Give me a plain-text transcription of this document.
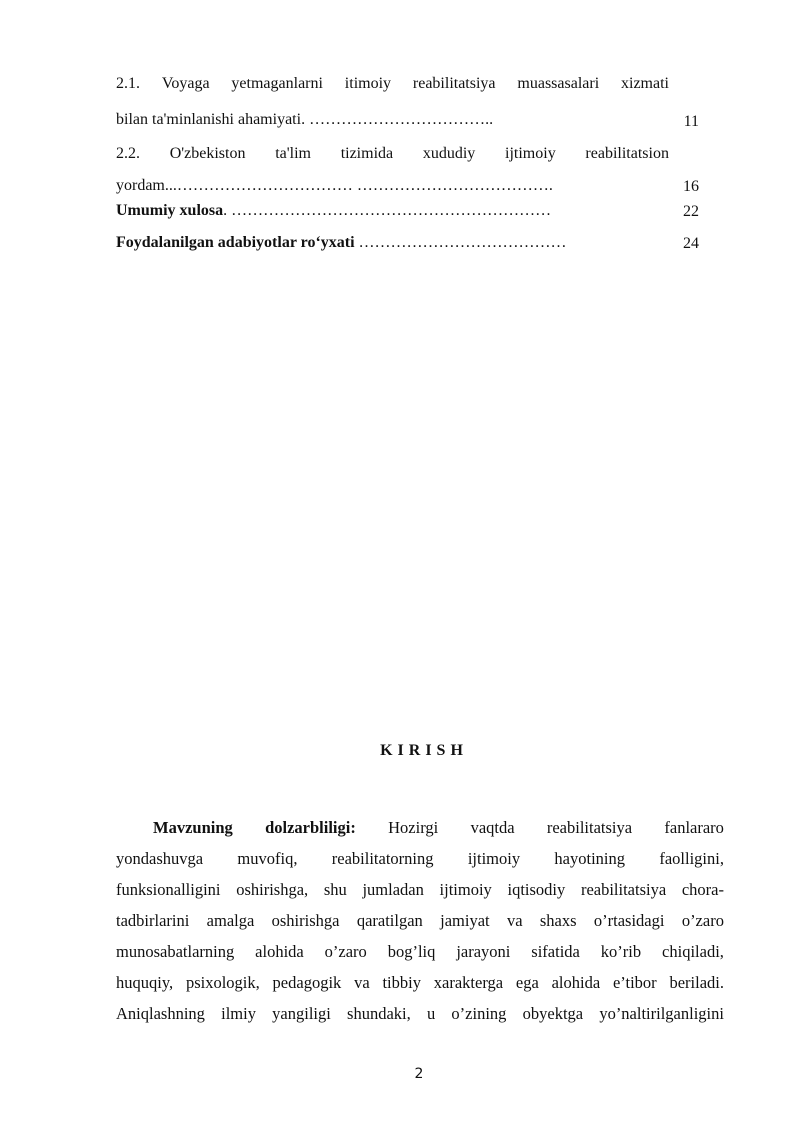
2.1. Voyaga yetmaganlarni itimoiy reabilitatsiya muassasalari xizmati
bilan ta'minlanishi ahamiyati. ……………………………..	11
2.2. O'zbekiston ta'lim tizimida xududiy ijtimoiy reabilitatsion
yordam...…………………………… ……………………………….	16
Umumiy xulosa. ……………………………………………………	22
Foydalanilgan adabiyotlar ro‘yxati …………………………………	24
KIRISH
Mavzuning dolzarbliligi: Hozirgi vaqtda reabilitatsiya fanlararo
yondashuvga muvofiq, reabilitatorning ijtimoiy hayotining faolligini,
funksionalligini oshirishga, shu jumladan ijtimoiy iqtisodiy reabilitatsiya chora-
tadbirlarini amalga oshirishga qaratilgan jamiyat va shaxs o’rtasidagi o’zaro
munosabatlarning alohida o’zaro bog’liq jarayoni sifatida ko’rib chiqiladi,
huquqiy, psixologik, pedagogik va tibbiy xarakterga ega alohida e’tibor beriladi.
Aniqlashning ilmiy yangiligi shundaki, u o’zining obyektga yo’naltirilganligini
2
